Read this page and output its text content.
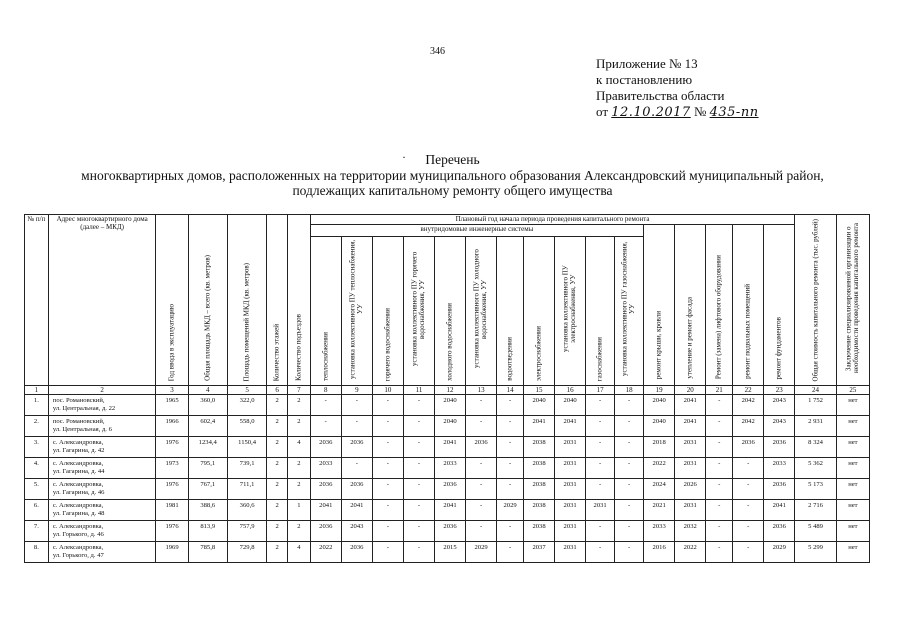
346
Приложение № 13
к постановлению
Правительства области
от 12.10.2017 № 435-пп
·	Перечень
многоквартирных домов, расположенных на территории муниципального образования Александровский муниципальный район,
подлежащих капитальному ремонту общего имущества
№ п/п	Адрес многоквартирного дома (далее – МКД)	Год ввода в эксплуатацию	Общая площадь МКД – всего (кв. метров)	Площадь помещений МКД (кв. метров)	Количество этажей	Количество подъездов	Плановый год начала периода проведения капитального ремонта																Общая стоимость капитального ремонта (тыс. рублей)	Заключение специализированной организации о необходимости проведения капитального ремонта

							внутридомовые инженерные системы											ремонт крыши, кровли	утепление и ремонт фасада	Ремонт (замена) лифтового оборудования	ремонт подвальных помещений	ремонт фундаментов		

							теплоснабжения	установка коллективного ПУ теплоснабжения, УУ	горячего водоснабжения	установка коллективного ПУ горячего водоснабжения, УУ	холодного водоснабжения	установка коллективного ПУ холодного водоснабжения, УУ	водоотведения	электроснабжения	установка коллективного ПУ электроснабжения, УУ	газоснабжения	установка коллективного ПУ газоснабжения, УУ							

1	2	3	4	5	6	7	8	9	10	11	12	13	14	15	16	17	18	19	20	21	22	23	24	25
1.	пос. Романовский,
ул. Центральная, д. 22	1965	360,0	322,0	2	2	-	-	-	-	2040	-	-	2040	2040	-	-	2040	2041	-	2042	2043	1 752	нет
2.	пос. Романовский,
ул. Центральная, д. 6	1966	602,4	558,0	2	2	-	-	-	-	2040	-	-	2041	2041	-	-	2040	2041	-	2042	2043	2 931	нет
3.	с. Александровка,
ул. Гагарина, д. 42	1976	1234,4	1150,4	2	4	2036	2036	-	-	2041	2036	-	2038	2031	-	-	2018	2031	-	2036	2036	8 324	нет
4.	с. Александровка,
ул. Гагарина, д. 44	1973	795,1	739,1	2	2	2033	-	-	-	2033	-	-	2038	2031	-	-	2022	2031	-	-	2033	5 362	нет
5.	с. Александровка,
ул. Гагарина, д. 46	1976	767,1	711,1	2	2	2036	2036	-	-	2036	-	-	2038	2031	-	-	2024	2026	-	-	2036	5 173	нет
6.	с. Александровка,
ул. Гагарина, д. 48	1981	388,6	360,6	2	1	2041	2041	-	-	2041	-	2029	2038	2031	2031	-	2021	2031	-	-	2041	2 716	нет
7.	с. Александровка,
ул. Горького, д. 46	1976	813,9	757,9	2	2	2036	2043	-	-	2036	-	-	2038	2031	-	-	2033	2032	-	-	2036	5 489	нет
8.	с. Александровка,
ул. Горького, д. 47	1969	785,8	729,8	2	4	2022	2036	-	-	2015	2029	-	2037	2031	-	-	2016	2022	-	-	2029	5 299	нет
